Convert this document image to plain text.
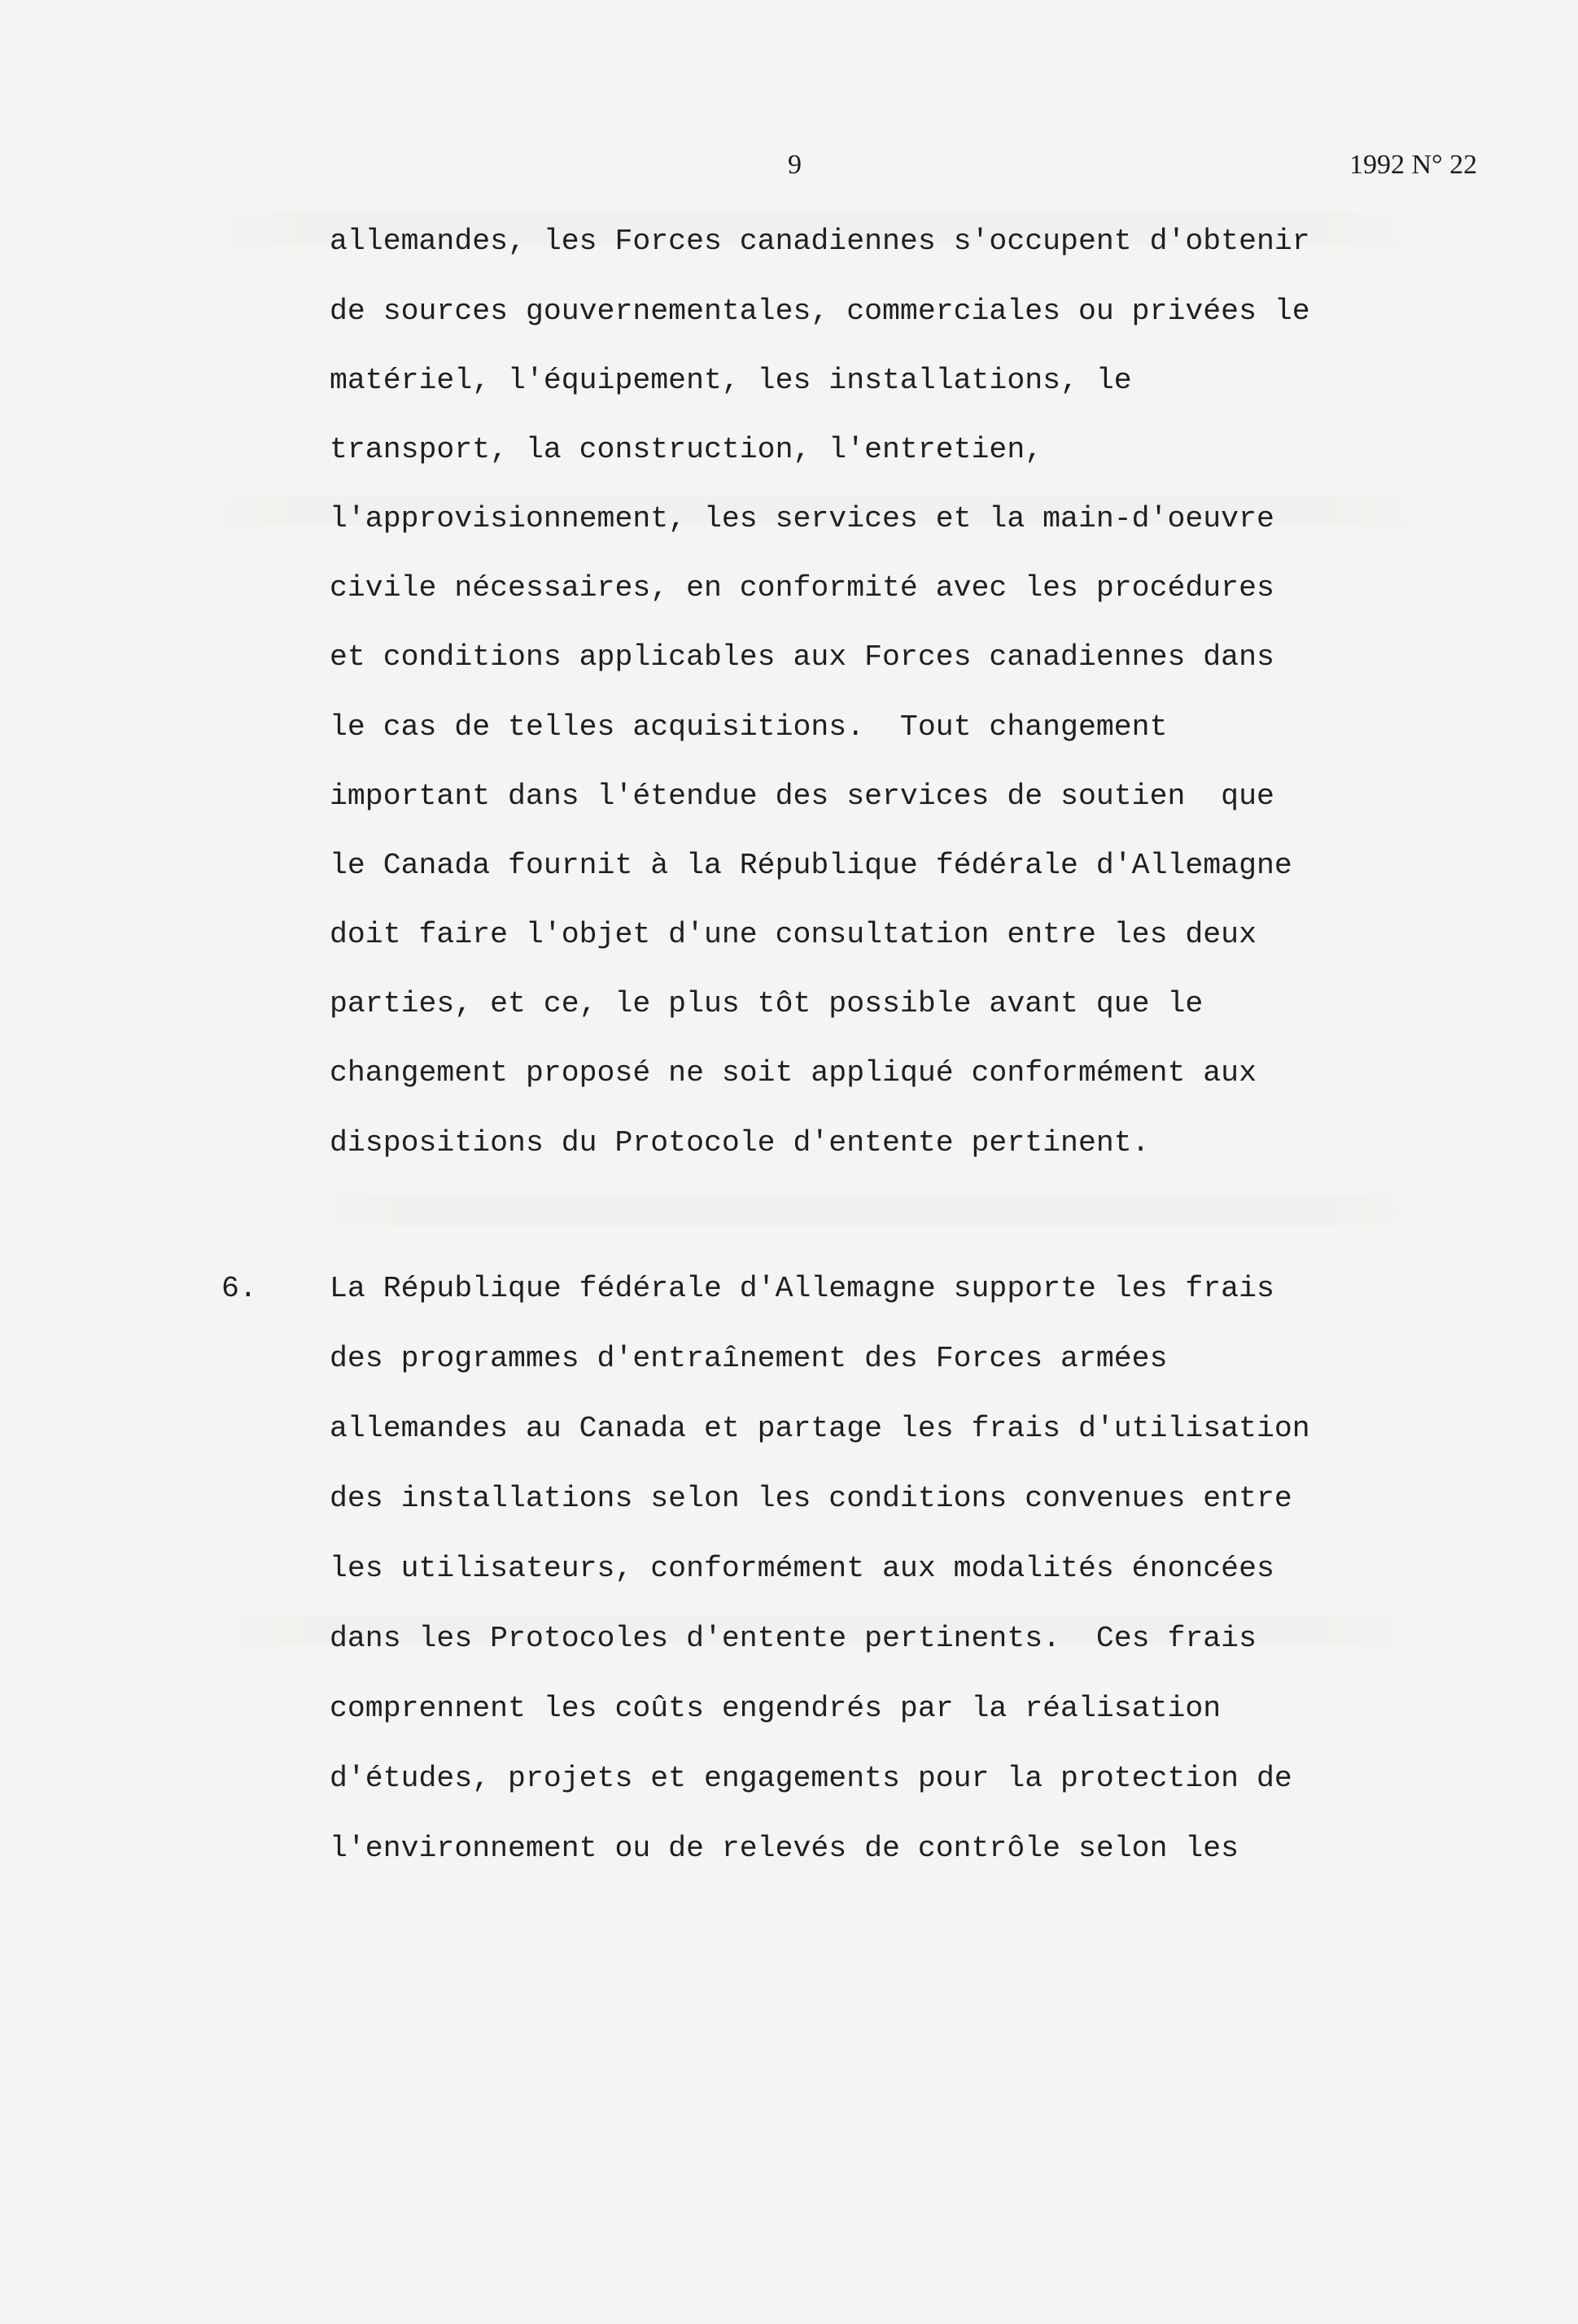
9	1992 N° 22
allemandes, les Forces canadiennes s'occupent d'obtenir
de sources gouvernementales, commerciales ou privées le
matériel, l'équipement, les installations, le
transport, la construction, l'entretien,
l'approvisionnement, les services et la main-d'oeuvre
civile nécessaires, en conformité avec les procédures
et conditions applicables aux Forces canadiennes dans
le cas de telles acquisitions.  Tout changement
important dans l'étendue des services de soutien  que
le Canada fournit à la République fédérale d'Allemagne
doit faire l'objet d'une consultation entre les deux
parties, et ce, le plus tôt possible avant que le
changement proposé ne soit appliqué conformément aux
dispositions du Protocole d'entente pertinent.
6. La République fédérale d'Allemagne supporte les frais
des programmes d'entraînement des Forces armées
allemandes au Canada et partage les frais d'utilisation
des installations selon les conditions convenues entre
les utilisateurs, conformément aux modalités énoncées
dans les Protocoles d'entente pertinents.  Ces frais
comprennent les coûts engendrés par la réalisation
d'études, projets et engagements pour la protection de
l'environnement ou de relevés de contrôle selon les
